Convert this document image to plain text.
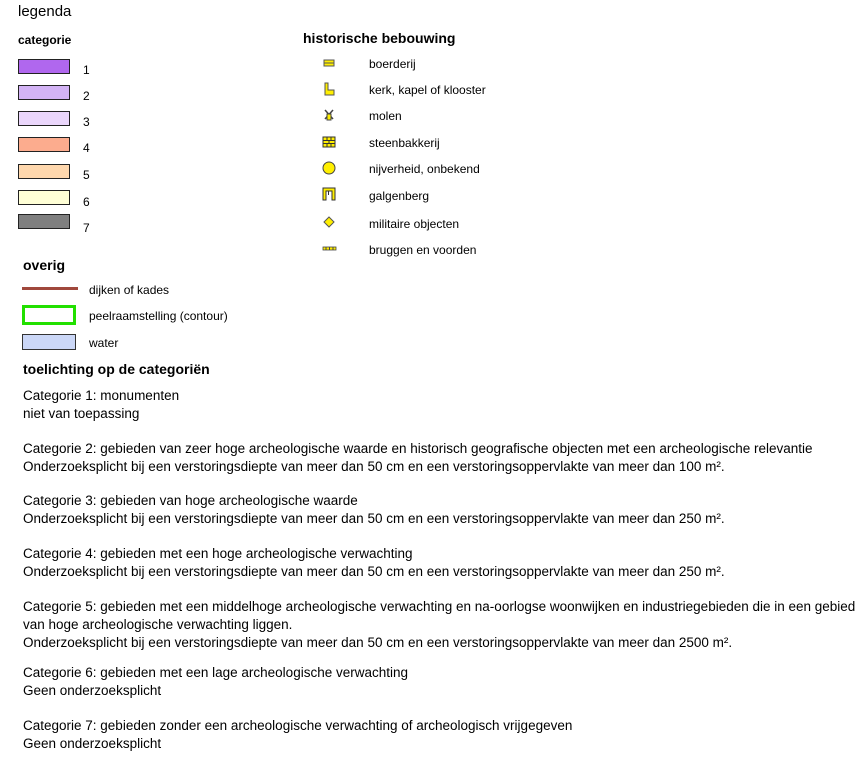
legenda
categorie
1
2
3
4
5
6
7
historische bebouwing
boerderij
kerk, kapel of klooster
molen
steenbakkerij
nijverheid, onbekend
galgenberg
militaire objecten
bruggen en voorden
overig
dijken of kades
peelraamstelling (contour)
water
toelichting op de categoriën
Categorie 1: monumenten
niet van toepassing
Categorie 2: gebieden van zeer hoge archeologische waarde en historisch geografische objecten met een archeologische relevantie
Onderzoeksplicht bij een verstoringsdiepte van meer dan 50 cm en een verstoringsoppervlakte van meer dan 100 m².
Categorie 3: gebieden van hoge archeologische waarde
Onderzoeksplicht bij een verstoringsdiepte van meer dan 50 cm en een verstoringsoppervlakte van meer dan 250 m².
Categorie 4: gebieden met een hoge archeologische verwachting
Onderzoeksplicht bij een verstoringsdiepte van meer dan 50 cm en een verstoringsoppervlakte van meer dan 250 m².
Categorie 5: gebieden met een middelhoge archeologische verwachting en na-oorlogse woonwijken en industriegebieden die in een gebied
van hoge archeologische verwachting liggen.
Onderzoeksplicht bij een verstoringsdiepte van meer dan 50 cm en een verstoringsoppervlakte van meer dan 2500 m².
Categorie 6: gebieden met een lage archeologische verwachting
Geen onderzoeksplicht
Categorie 7: gebieden zonder een archeologische verwachting of archeologisch vrijgegeven
Geen onderzoeksplicht
